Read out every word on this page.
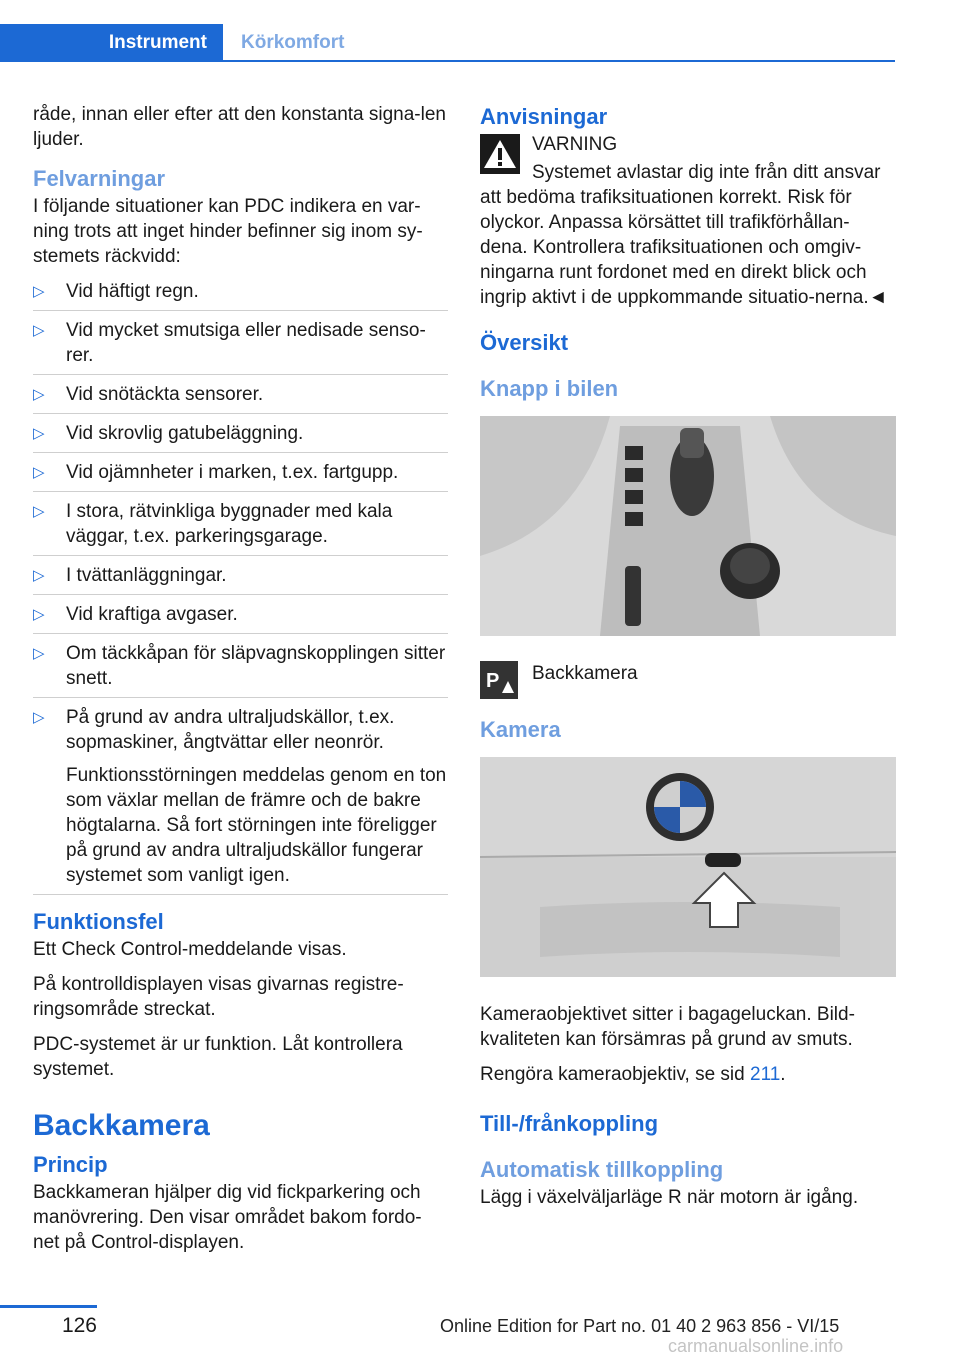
Instrument	Körkomfort

råde, innan eller efter att den konstanta signa-len ljuder.

Felvarningar

I följande situationer kan PDC indikera en var-ning trots att inget hinder befinner sig inom sy-stemets räckvidd:

▷ Vid häftigt regn.
▷ Vid mycket smutsiga eller nedisade senso-rer.
▷ Vid snötäckta sensorer.
▷ Vid skrovlig gatubeläggning.
▷ Vid ojämnheter i marken, t.ex. fartgupp.
▷ I stora, rätvinkliga byggnader med kala väggar, t.ex. parkeringsgarage.
▷ I tvättanläggningar.
▷ Vid kraftiga avgaser.
▷ Om täckkåpan för släpvagnskopplingen sitter snett.
▷ På grund av andra ultraljudskällor, t.ex. sopmaskiner, ångtvättar eller neonrör.
Funktionsstörningen meddelas genom en ton som växlar mellan de främre och de bakre högtalarna. Så fort störningen inte föreligger på grund av andra ultraljudskällor fungerar systemet som vanligt igen.
Funktionsfel

Ett Check Control-meddelande visas.

På kontrolldisplayen visas givarnas registre-ringsområde streckat.

PDC-systemet är ur funktion. Låt kontrollera systemet.

Backkamera
Princip

Backkameran hjälper dig vid fickparkering och manövrering. Den visar området bakom fordo-net på Control-displayen.

Anvisningar
VARNING

Systemet avlastar dig inte från ditt ansvar att bedöma trafiksituationen korrekt. Risk för olyckor. Anpassa körsättet till trafikförhållan-dena. Kontrollera trafiksituationen och omgiv-ningarna runt fordonet med en direkt blick och ingrip aktivt i de uppkommande situatio-nerna.◄

Översikt
Knapp i bilen
P Backkamera
Kamera

Kameraobjektivet sitter i bagageluckan. Bild-kvaliteten kan försämras på grund av smuts.

Rengöra kameraobjektiv, se sid 211.

Till-/frånkoppling
Automatisk tillkoppling

Lägg i växelväljarläge R när motorn är igång.

126	Online Edition for Part no. 01 40 2 963 856 - VI/15
carmanualsonline.info
